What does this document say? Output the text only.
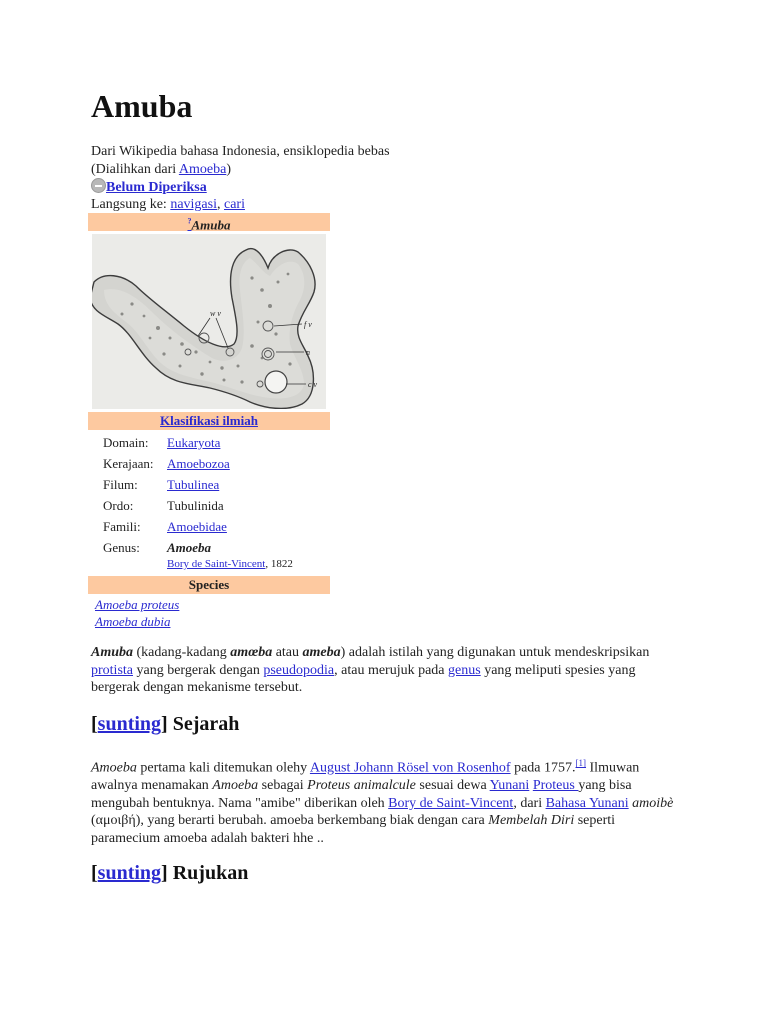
Amuba
Dari Wikipedia bahasa Indonesia, ensiklopedia bebas
(Dialihkan dari Amoeba)
Belum Diperiksa
Langsung ke: navigasi, cari
?Amuba
w v
f v
n
c v
Klasifikasi ilmiah
Domain:	Eukaryota
Kerajaan:	Amoebozoa
Filum:	Tubulinea
Ordo:	Tubulinida
Famili:	Amoebidae
Genus:	Amoeba
Bory de Saint-Vincent, 1822
Species
Amoeba proteus
Amoeba dubia

Amuba (kadang-kadang amœba atau ameba) adalah istilah yang digunakan untuk mendeskripsikan protista yang bergerak dengan pseudopodia, atau merujuk pada genus yang meliputi spesies yang bergerak dengan mekanisme tersebut.

[sunting] Sejarah

Amoeba pertama kali ditemukan olehy August Johann Rösel von Rosenhof pada 1757.[1] Ilmuwan awalnya menamakan Amoeba sebagai Proteus animalcule sesuai dewa Yunani Proteus yang bisa mengubah bentuknya. Nama "amibe" diberikan oleh Bory de Saint-Vincent, dari Bahasa Yunani amoibè (αμοιβή), yang berarti berubah. amoeba berkembang biak dengan cara Membelah Diri seperti paramecium amoeba adalah bakteri hhe ..

[sunting] Rujukan
